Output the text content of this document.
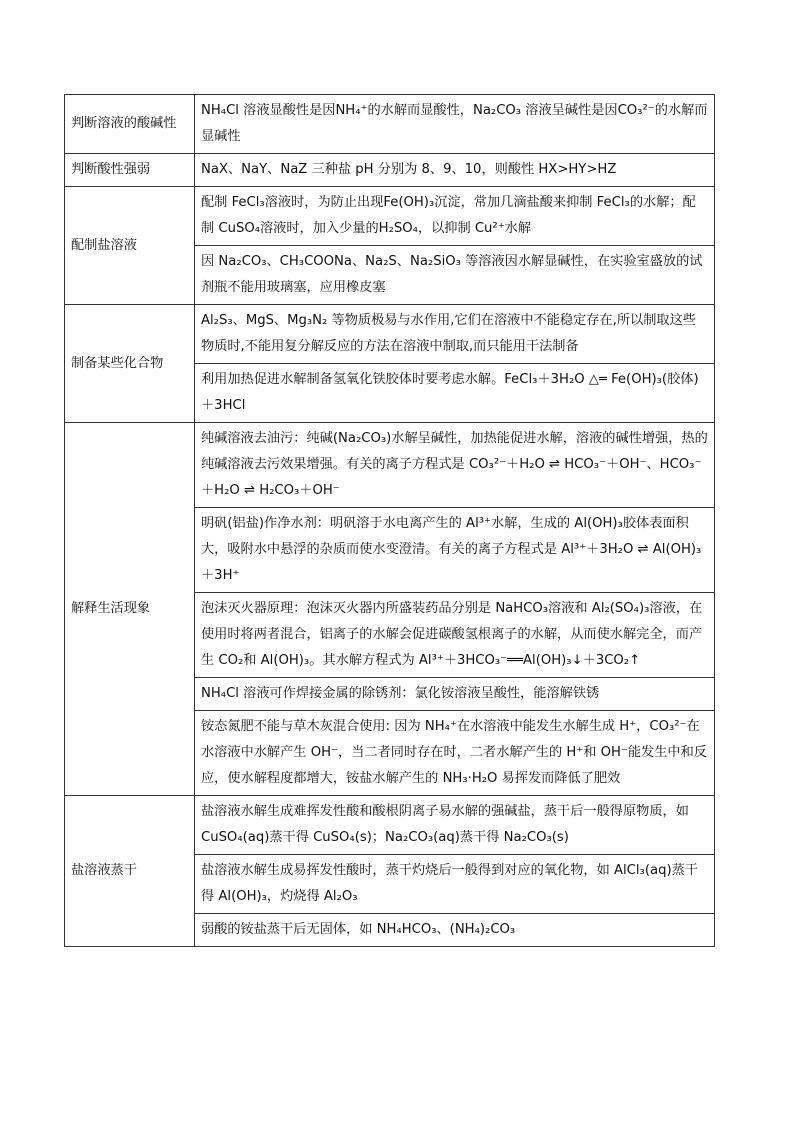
判断溶液的酸碱性	NH₄Cl 溶液显酸性是因NH₄⁺的水解而显酸性，Na₂CO₃ 溶液呈碱性是因CO₃²⁻的水解而显碱性
判断酸性强弱	NaX、NaY、NaZ 三种盐 pH 分别为 8、9、10，则酸性 HX>HY>HZ
配制盐溶液	配制 FeCl₃溶液时，为防止出现Fe(OH)₃沉淀，常加几滴盐酸来抑制 FeCl₃的水解；配制 CuSO₄溶液时，加入少量的H₂SO₄，以抑制 Cu²⁺水解
	因 Na₂CO₃、CH₃COONa、Na₂S、Na₂SiO₃ 等溶液因水解显碱性，在实验室盛放的试剂瓶不能用玻璃塞，应用橡皮塞
制备某些化合物	Al₂S₃、MgS、Mg₃N₂ 等物质极易与水作用,它们在溶液中不能稳定存在,所以制取这些物质时,不能用复分解反应的方法在溶液中制取,而只能用干法制备
	利用加热促进水解制备氢氧化铁胶体时要考虑水解。FeCl₃＋3H₂O △═ Fe(OH)₃(胶体)＋3HCl
解释生活现象	纯碱溶液去油污：纯碱(Na₂CO₃)水解呈碱性，加热能促进水解，溶液的碱性增强，热的纯碱溶液去污效果增强。有关的离子方程式是 CO₃²⁻＋H₂O ⇌ HCO₃⁻＋OH⁻、HCO₃⁻＋H₂O ⇌ H₂CO₃＋OH⁻
	明矾(铝盐)作净水剂：明矾溶于水电离产生的 Al³⁺水解，生成的 Al(OH)₃胶体表面积大，吸附水中悬浮的杂质而使水变澄清。有关的离子方程式是 Al³⁺＋3H₂O ⇌ Al(OH)₃＋3H⁺
	泡沫灭火器原理：泡沫灭火器内所盛装药品分别是 NaHCO₃溶液和 Al₂(SO₄)₃溶液，在使用时将两者混合，铝离子的水解会促进碳酸氢根离子的水解，从而使水解完全，而产生 CO₂和 Al(OH)₃。其水解方程式为 Al³⁺＋3HCO₃⁻══Al(OH)₃↓＋3CO₂↑
	NH₄Cl 溶液可作焊接金属的除锈剂：氯化铵溶液呈酸性，能溶解铁锈
	铵态氮肥不能与草木灰混合使用: 因为 NH₄⁺在水溶液中能发生水解生成 H⁺，CO₃²⁻在水溶液中水解产生 OH⁻，当二者同时存在时，二者水解产生的 H⁺和 OH⁻能发生中和反应，使水解程度都增大，铵盐水解产生的 NH₃·H₂O 易挥发而降低了肥效
盐溶液蒸干	盐溶液水解生成难挥发性酸和酸根阴离子易水解的强碱盐，蒸干后一般得原物质，如 CuSO₄(aq)蒸干得 CuSO₄(s)；Na₂CO₃(aq)蒸干得 Na₂CO₃(s)
	盐溶液水解生成易挥发性酸时，蒸干灼烧后一般得到对应的氧化物，如 AlCl₃(aq)蒸干得 Al(OH)₃，灼烧得 Al₂O₃
	弱酸的铵盐蒸干后无固体，如 NH₄HCO₃、(NH₄)₂CO₃
